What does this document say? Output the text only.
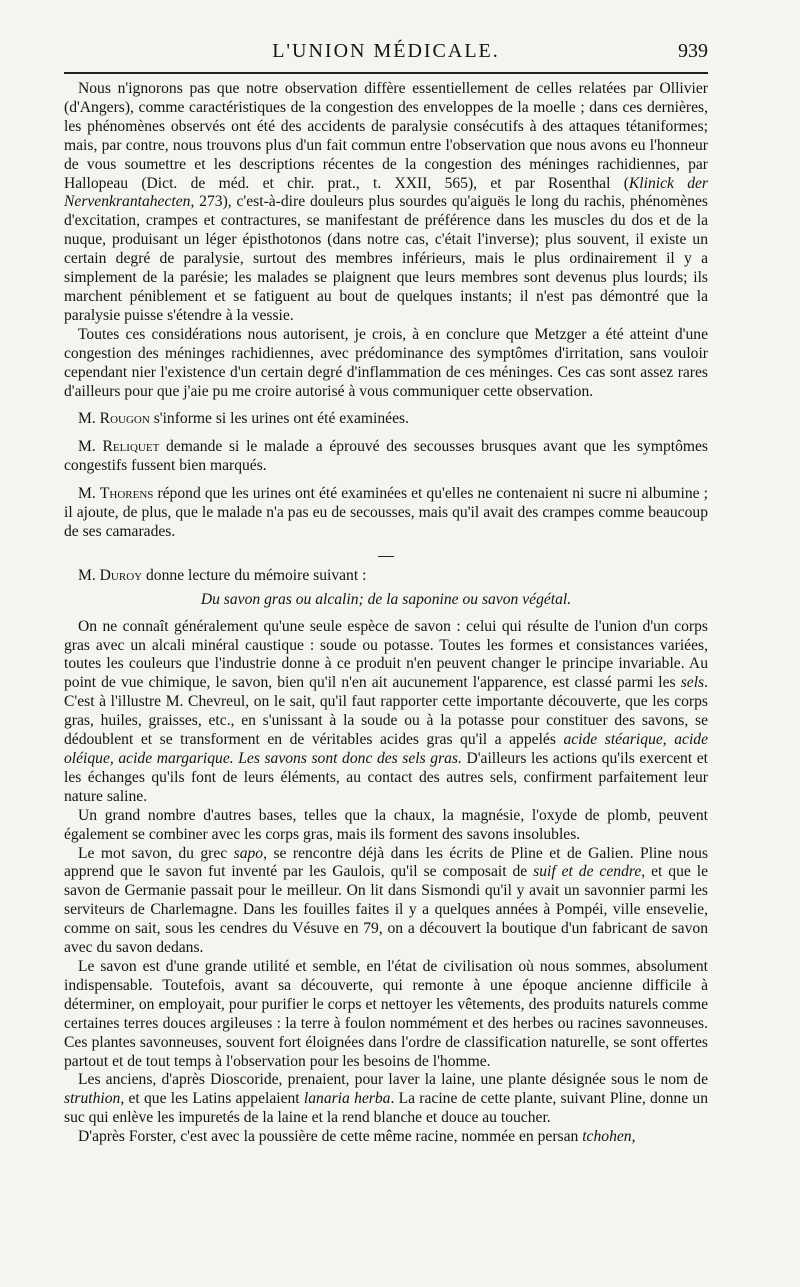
L'UNION MÉDICALE.	939

Nous n'ignorons pas que notre observation diffère essentiellement de celles relatées par Ollivier (d'Angers), comme caractéristiques de la congestion des enveloppes de la moelle ; dans ces dernières, les phénomènes observés ont été des accidents de paralysie consécutifs à des attaques tétaniformes; mais, par contre, nous trouvons plus d'un fait commun entre l'observation que nous avons eu l'honneur de vous soumettre et les descriptions récentes de la congestion des méninges rachidiennes, par Hallopeau (Dict. de méd. et chir. prat., t. XXII, 565), et par Rosenthal (Klinick der Nervenkrantahecten, 273), c'est-à-dire douleurs plus sourdes qu'aiguës le long du rachis, phénomènes d'excitation, crampes et contractures, se manifestant de préférence dans les muscles du dos et de la nuque, produisant un léger épisthotonos (dans notre cas, c'était l'inverse); plus souvent, il existe un certain degré de paralysie, surtout des membres inférieurs, mais le plus ordinairement il y a simplement de la parésie; les malades se plaignent que leurs membres sont devenus plus lourds; ils marchent péniblement et se fatiguent au bout de quelques instants; il n'est pas démontré que la paralysie puisse s'étendre à la vessie.

Toutes ces considérations nous autorisent, je crois, à en conclure que Metzger a été atteint d'une congestion des méninges rachidiennes, avec prédominance des symptômes d'irritation, sans vouloir cependant nier l'existence d'un certain degré d'inflammation de ces méninges. Ces cas sont assez rares d'ailleurs pour que j'aie pu me croire autorisé à vous communiquer cette observation.

M. Rougon s'informe si les urines ont été examinées.

M. Reliquet demande si le malade a éprouvé des secousses brusques avant que les symptômes congestifs fussent bien marqués.

M. Thorens répond que les urines ont été examinées et qu'elles ne contenaient ni sucre ni albumine ; il ajoute, de plus, que le malade n'a pas eu de secousses, mais qu'il avait des crampes comme beaucoup de ses camarades.

M. Duroy donne lecture du mémoire suivant :

Du savon gras ou alcalin; de la saponine ou savon végétal.

On ne connaît généralement qu'une seule espèce de savon : celui qui résulte de l'union d'un corps gras avec un alcali minéral caustique : soude ou potasse. Toutes les formes et consistances variées, toutes les couleurs que l'industrie donne à ce produit n'en peuvent changer le principe invariable. Au point de vue chimique, le savon, bien qu'il n'en ait aucunement l'apparence, est classé parmi les sels. C'est à l'illustre M. Chevreul, on le sait, qu'il faut rapporter cette importante découverte, que les corps gras, huiles, graisses, etc., en s'unissant à la soude ou à la potasse pour constituer des savons, se dédoublent et se transforment en de véritables acides gras qu'il a appelés acide stéarique, acide oléique, acide margarique. Les savons sont donc des sels gras. D'ailleurs les actions qu'ils exercent et les échanges qu'ils font de leurs éléments, au contact des autres sels, confirment parfaitement leur nature saline.

Un grand nombre d'autres bases, telles que la chaux, la magnésie, l'oxyde de plomb, peuvent également se combiner avec les corps gras, mais ils forment des savons insolubles.

Le mot savon, du grec sapo, se rencontre déjà dans les écrits de Pline et de Galien. Pline nous apprend que le savon fut inventé par les Gaulois, qu'il se composait de suif et de cendre, et que le savon de Germanie passait pour le meilleur. On lit dans Sismondi qu'il y avait un savonnier parmi les serviteurs de Charlemagne. Dans les fouilles faites il y a quelques années à Pompéi, ville ensevelie, comme on sait, sous les cendres du Vésuve en 79, on a découvert la boutique d'un fabricant de savon avec du savon dedans.

Le savon est d'une grande utilité et semble, en l'état de civilisation où nous sommes, absolument indispensable. Toutefois, avant sa découverte, qui remonte à une époque ancienne difficile à déterminer, on employait, pour purifier le corps et nettoyer les vêtements, des produits naturels comme certaines terres douces argileuses : la terre à foulon nommément et des herbes ou racines savonneuses. Ces plantes savonneuses, souvent fort éloignées dans l'ordre de classification naturelle, se sont offertes partout et de tout temps à l'observation pour les besoins de l'homme.

Les anciens, d'après Dioscoride, prenaient, pour laver la laine, une plante désignée sous le nom de struthion, et que les Latins appelaient lanaria herba. La racine de cette plante, suivant Pline, donne un suc qui enlève les impuretés de la laine et la rend blanche et douce au toucher.

D'après Forster, c'est avec la poussière de cette même racine, nommée en persan tchohen,
